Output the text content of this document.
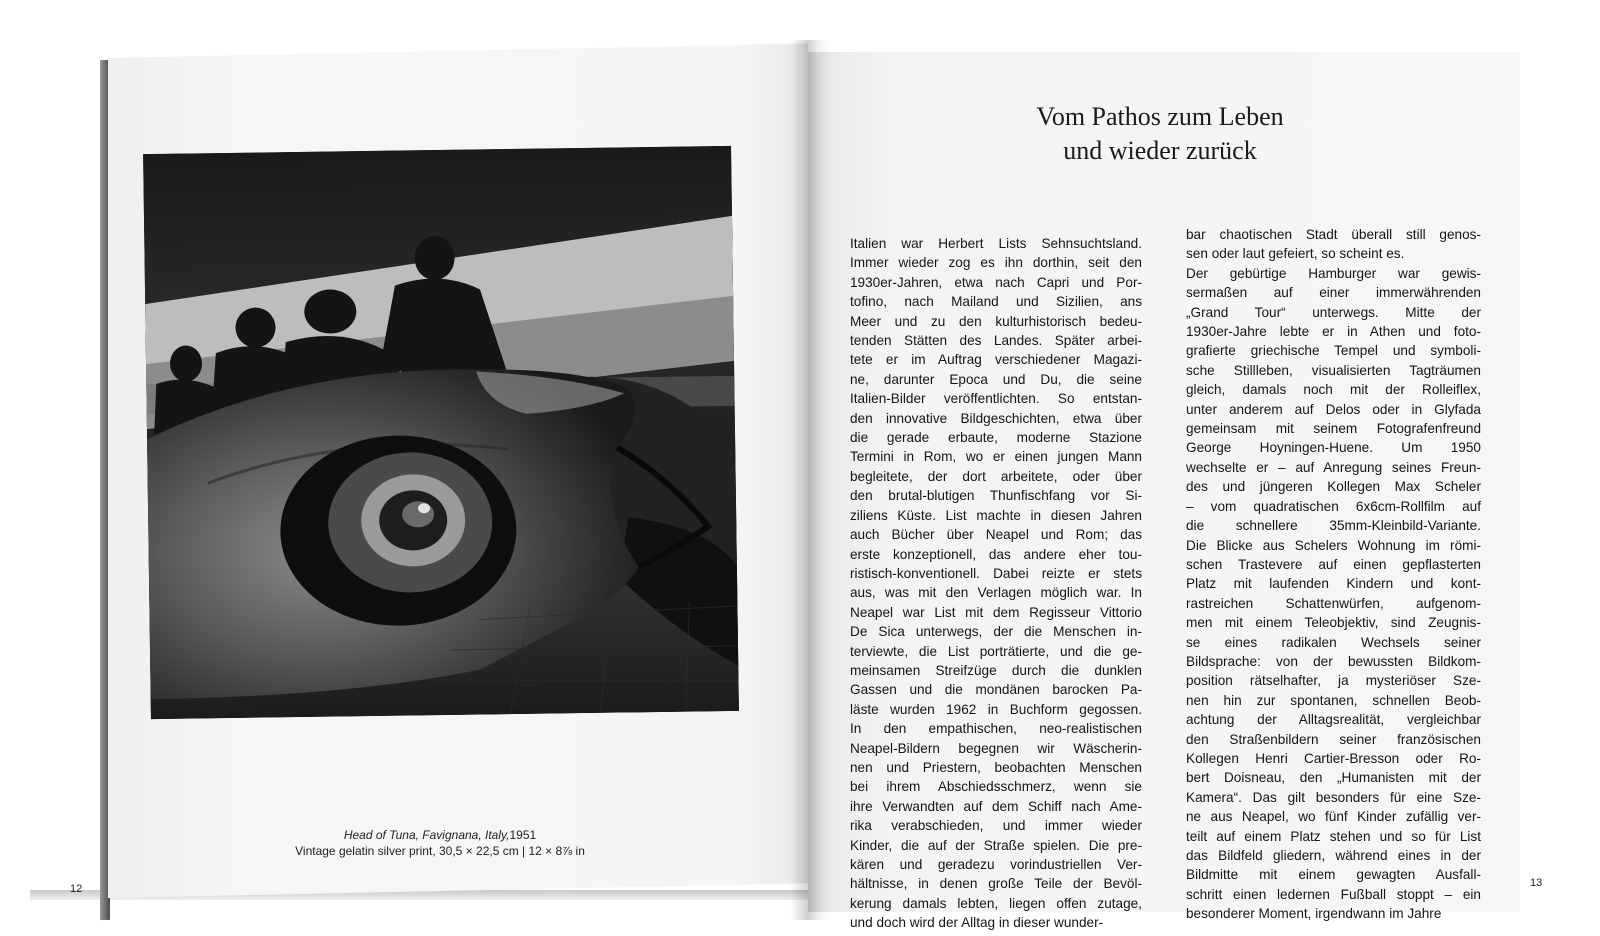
Head of Tuna, Favignana, Italy,1951
Vintage gelatin silver print, 30,5 × 22,5 cm | 12 × 8⅞ in
12	13
Vom Pathos zum Leben
und wieder zurück
Italien war Herbert Lists Sehnsuchtsland.
Immer wieder zog es ihn dorthin, seit den
1930er-Jahren, etwa nach Capri und Por-
tofino, nach Mailand und Sizilien, ans
Meer und zu den kulturhistorisch bedeu-
tenden Stätten des Landes. Später arbei-
tete er im Auftrag verschiedener Magazi-
ne, darunter Epoca und Du, die seine
Italien-Bilder veröffentlichten. So entstan-
den innovative Bildgeschichten, etwa über
die gerade erbaute, moderne Stazione
Termini in Rom, wo er einen jungen Mann
begleitete, der dort arbeitete, oder über
den brutal-blutigen Thunfischfang vor Si-
ziliens Küste. List machte in diesen Jahren
auch Bücher über Neapel und Rom; das
erste konzeptionell, das andere eher tou-
ristisch-konventionell. Dabei reizte er stets
aus, was mit den Verlagen möglich war. In
Neapel war List mit dem Regisseur Vittorio
De Sica unterwegs, der die Menschen in-
terviewte, die List porträtierte, und die ge-
meinsamen Streifzüge durch die dunklen
Gassen und die mondänen barocken Pa-
läste wurden 1962 in Buchform gegossen.
In den empathischen, neo-realistischen
Neapel-Bildern begegnen wir Wäscherin-
nen und Priestern, beobachten Menschen
bei ihrem Abschiedsschmerz, wenn sie
ihre Verwandten auf dem Schiff nach Ame-
rika verabschieden, und immer wieder
Kinder, die auf der Straße spielen. Die pre-
kären und geradezu vorindustriellen Ver-
hältnisse, in denen große Teile der Bevöl-
kerung damals lebten, liegen offen zutage,
und doch wird der Alltag in dieser wunder-
bar chaotischen Stadt überall still genos-
sen oder laut gefeiert, so scheint es.
Der gebürtige Hamburger war gewis-
sermaßen auf einer immerwährenden
„Grand Tour“ unterwegs. Mitte der
1930er-Jahre lebte er in Athen und foto-
grafierte griechische Tempel und symboli-
sche Stillleben, visualisierten Tagträumen
gleich, damals noch mit der Rolleiflex,
unter anderem auf Delos oder in Glyfada
gemeinsam mit seinem Fotografenfreund
George Hoyningen-Huene. Um 1950
wechselte er – auf Anregung seines Freun-
des und jüngeren Kollegen Max Scheler
– vom quadratischen 6x6cm-Rollfilm auf
die schnellere 35mm-Kleinbild-Variante.
Die Blicke aus Schelers Wohnung im römi-
schen Trastevere auf einen gepflasterten
Platz mit laufenden Kindern und kont-
rastreichen Schattenwürfen, aufgenom-
men mit einem Teleobjektiv, sind Zeugnis-
se eines radikalen Wechsels seiner
Bildsprache: von der bewussten Bildkom-
position rätselhafter, ja mysteriöser Sze-
nen hin zur spontanen, schnellen Beob-
achtung der Alltagsrealität, vergleichbar
den Straßenbildern seiner französischen
Kollegen Henri Cartier-Bresson oder Ro-
bert Doisneau, den „Humanisten mit der
Kamera“. Das gilt besonders für eine Sze-
ne aus Neapel, wo fünf Kinder zufällig ver-
teilt auf einem Platz stehen und so für List
das Bildfeld gliedern, während eines in der
Bildmitte mit einem gewagten Ausfall-
schritt einen ledernen Fußball stoppt – ein
besonderer Moment, irgendwann im Jahre
